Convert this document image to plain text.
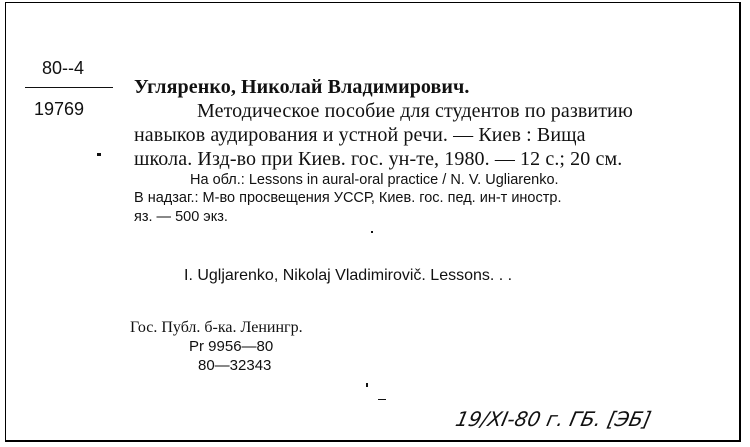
80--4
19769
Угляренко, Николай Владимирович.
Методическое пособие для студентов по развитию
навыков аудирования и устной речи. — Киев : Вища
школа. Изд-во при Киев. гос. ун-те, 1980. — 12 с.; 20 см.
На обл.: Lessons in aural-oral practice / N. V. Ugliarenko.
В надзаг.: М-во просвещения УССР, Киев. гос. пед. ин-т иностр.
яз. — 500 экз.
I. Ugljarenko, Nikolaj Vladimirovič. Lessons. . .
Гос. Публ. б-ка. Ленингр.
Pr 9956—80
80—32343
19/XI-80 г. ГБ. [ЭБ]
